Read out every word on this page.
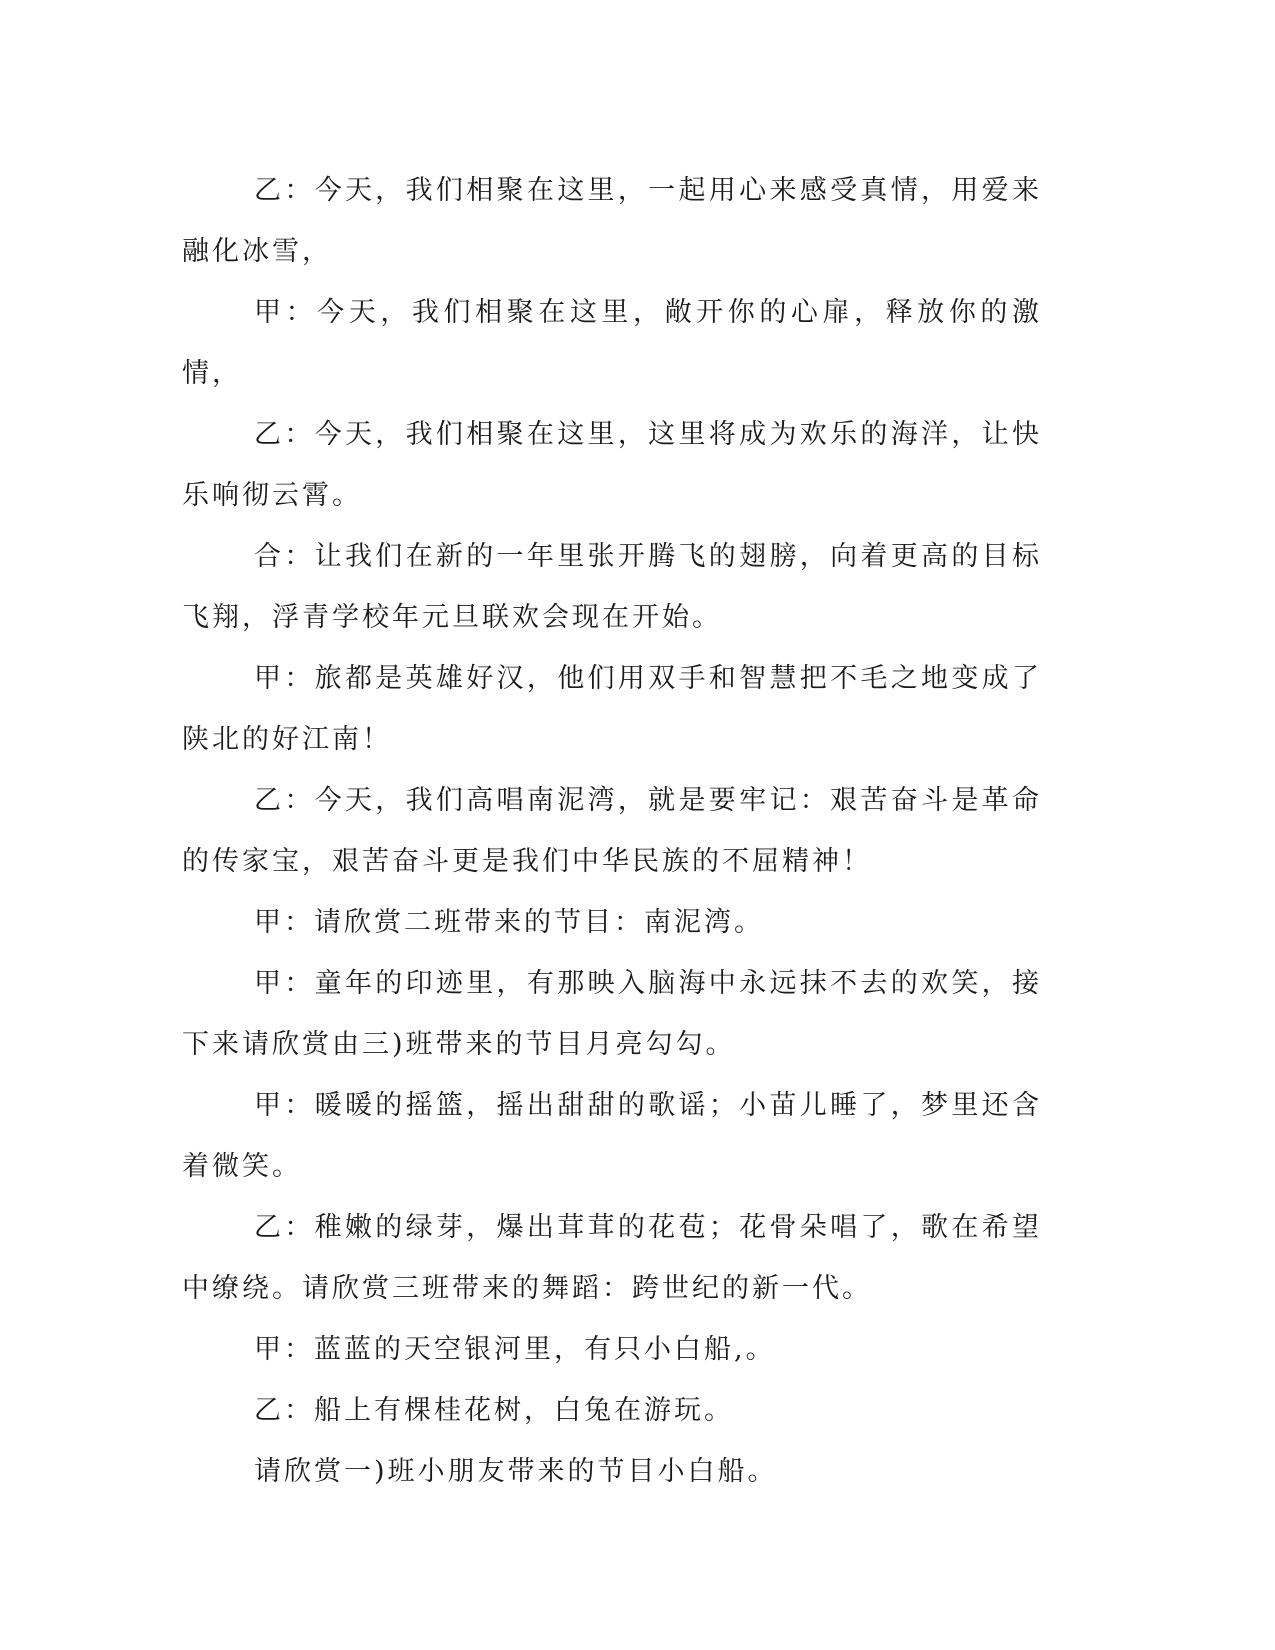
乙：今天，我们相聚在这里，一起用心来感受真情，用爱来融化冰雪，

甲：今天，我们相聚在这里，敞开你的心扉，释放你的激情，

乙：今天，我们相聚在这里，这里将成为欢乐的海洋，让快乐响彻云霄。

合：让我们在新的一年里张开腾飞的翅膀，向着更高的目标飞翔，浮青学校年元旦联欢会现在开始。

甲：旅都是英雄好汉，他们用双手和智慧把不毛之地变成了陕北的好江南！

乙：今天，我们高唱南泥湾，就是要牢记：艰苦奋斗是革命的传家宝，艰苦奋斗更是我们中华民族的不屈精神！

甲：请欣赏二班带来的节目：南泥湾。

甲：童年的印迹里，有那映入脑海中永远抹不去的欢笑，接下来请欣赏由三)班带来的节目月亮勾勾。

甲：暖暖的摇篮，摇出甜甜的歌谣；小苗儿睡了，梦里还含着微笑。

乙：稚嫩的绿芽，爆出茸茸的花苞；花骨朵唱了，歌在希望中缭绕。请欣赏三班带来的舞蹈：跨世纪的新一代。

甲：蓝蓝的天空银河里，有只小白船,。

乙：船上有棵桂花树，白兔在游玩。

请欣赏一)班小朋友带来的节目小白船。
